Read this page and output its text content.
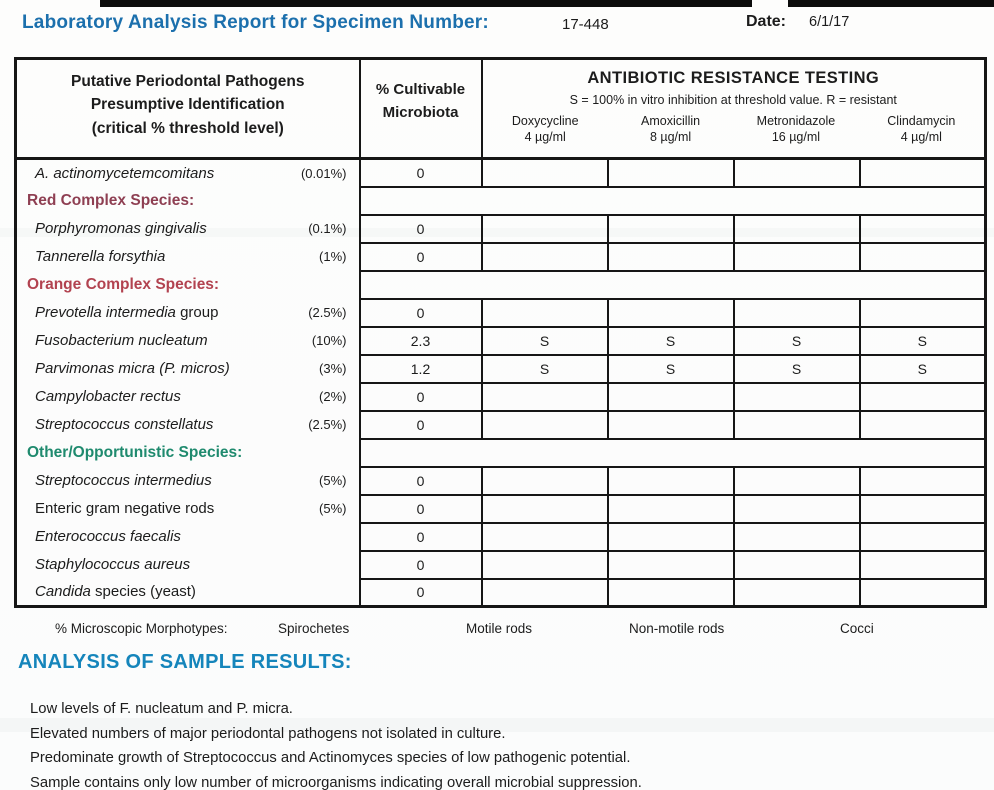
Laboratory Analysis Report for Specimen Number:	17-448	Date: 6/1/17
Putative Periodontal Pathogens
Presumptive Identification
(critical % threshold level)

% Cultivable
Microbiota

ANTIBIOTIC RESISTANCE TESTING
S = 100% in vitro inhibition at threshold value. R = resistant
Doxycycline
4 µg/ml
Amoxicillin
8 µg/ml
Metronidazole
16 µg/ml
Clindamycin
4 µg/ml

A. actinomycetemcomitans (0.01%)	0				
Red Complex Species:					

Porphyromonas gingivalis (0.1%)	0				

Tannerella forsythia (1%)	0				
Orange Complex Species:					

Prevotella intermedia group (2.5%)	0				

Fusobacterium nucleatum (10%)	2.3	S	S	S	S

Parvimonas micra (P. micros) (3%)	1.2	S	S	S	S

Campylobacter rectus (2%)	0				

Streptococcus constellatus (2.5%)	0				
Other/Opportunistic Species:					

Streptococcus intermedius (5%)	0				

Enteric gram negative rods (5%)	0				

Enterococcus faecalis	0				

Staphylococcus aureus	0				

Candida species (yeast)	0				
% Microscopic Morphotypes:	Spirochetes	Motile rods	Non-motile rods	Cocci
ANALYSIS OF SAMPLE RESULTS:
Low levels of F. nucleatum and P. micra.
Elevated numbers of major periodontal pathogens not isolated in culture.
Predominate growth of Streptococcus and Actinomyces species of low pathogenic potential.
Sample contains only low number of microorganisms indicating overall microbial suppression.
